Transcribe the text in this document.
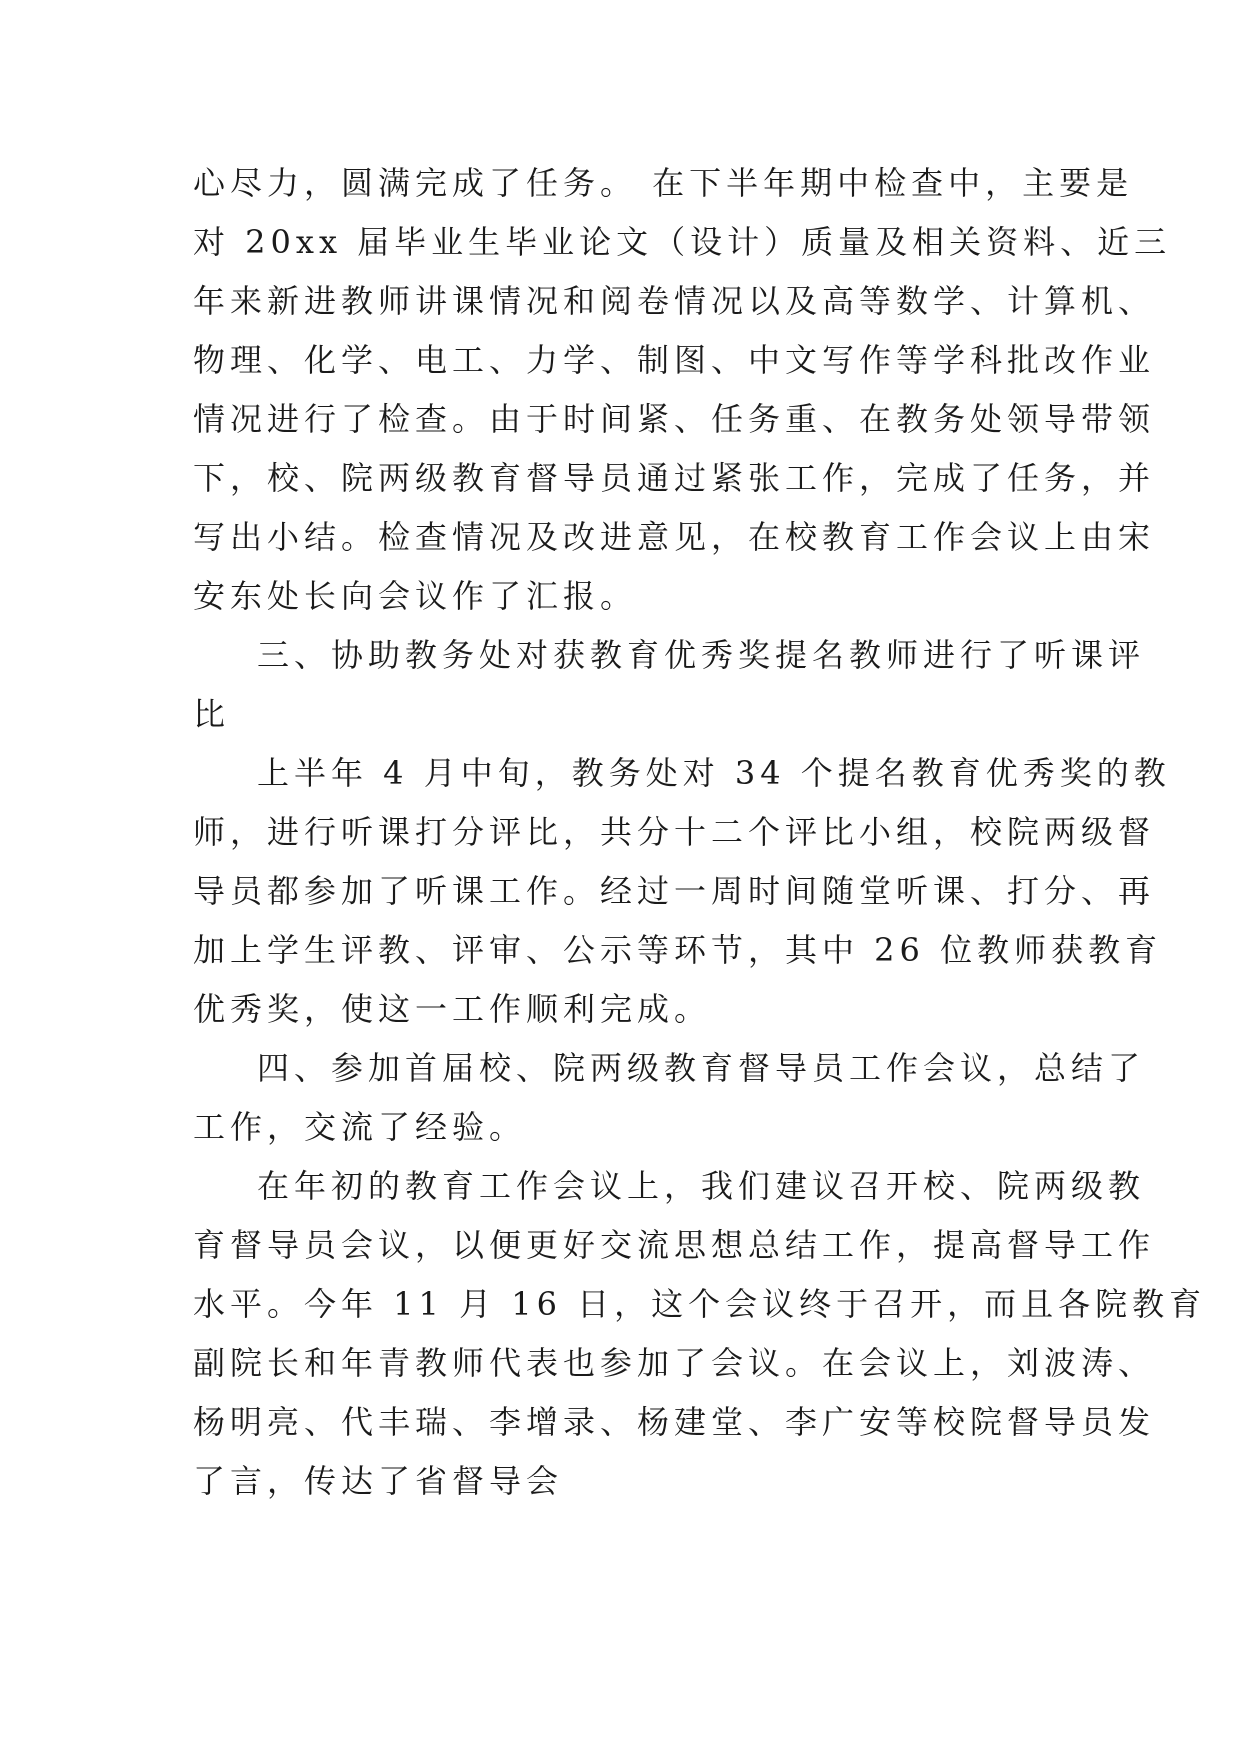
心尽力，圆满完成了任务。 在下半年期中检查中，主要是
对 20xx 届毕业生毕业论文（设计）质量及相关资料、近三
年来新进教师讲课情况和阅卷情况以及高等数学、计算机、
物理、化学、电工、力学、制图、中文写作等学科批改作业
情况进行了检查。由于时间紧、任务重、在教务处领导带领
下，校、院两级教育督导员通过紧张工作，完成了任务，并
写出小结。检查情况及改进意见，在校教育工作会议上由宋
安东处长向会议作了汇报。
三、协助教务处对获教育优秀奖提名教师进行了听课评
比
上半年 4 月中旬，教务处对 34 个提名教育优秀奖的教
师，进行听课打分评比，共分十二个评比小组，校院两级督
导员都参加了听课工作。经过一周时间随堂听课、打分、再
加上学生评教、评审、公示等环节，其中 26 位教师获教育
优秀奖，使这一工作顺利完成。
四、参加首届校、院两级教育督导员工作会议，总结了
工作，交流了经验。
在年初的教育工作会议上，我们建议召开校、院两级教
育督导员会议，以便更好交流思想总结工作，提高督导工作
水平。今年 11 月 16 日，这个会议终于召开，而且各院教育
副院长和年青教师代表也参加了会议。在会议上，刘波涛、
杨明亮、代丰瑞、李增录、杨建堂、李广安等校院督导员发
了言，传达了省督导会
